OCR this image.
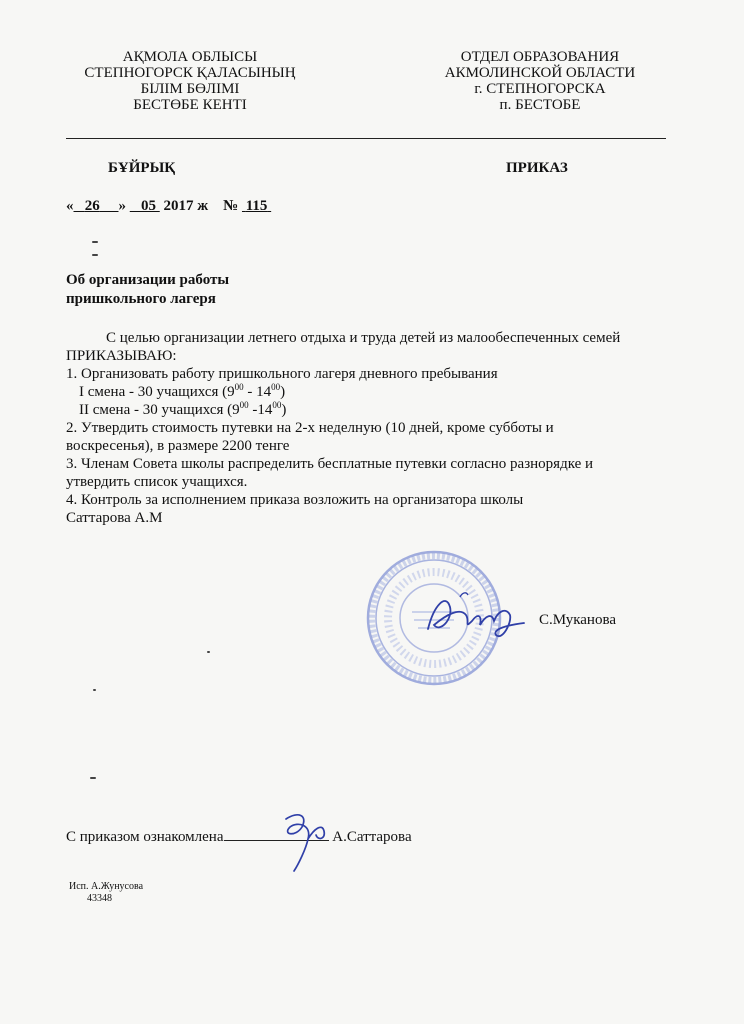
АҚМОЛА ОБЛЫСЫ
СТЕПНОГОРСК ҚАЛАСЫНЫҢ
БІЛІМ БӨЛІМІ
БЕСТӨБЕ КЕНТІ
ОТДЕЛ ОБРАЗОВАНИЯ
АКМОЛИНСКОЙ ОБЛАСТИ
г. СТЕПНОГОРСКА
п. БЕСТОБЕ
БҰЙРЫҚ	ПРИКАЗ
« 26 » 05 2017 ж № 115
Об организации работы
пришкольного лагеря
С целью организации летнего отдыха и труда детей из малообеспеченных семей
ПРИКАЗЫВАЮ:
1. Организовать работу пришкольного лагеря дневного пребывания
I смена - 30 учащихся $(9^{00} - 14^{00})$
II смена - 30 учащихся ($9^{00}$ $-14^{00}$)
2. Утвердить стоимость путевки на 2-х неделную (10 дней, кроме субботы и
воскресенья), в размере 2200 тенге
3. Членам Совета школы распределить бесплатные путевки согласно разнорядке и
утвердить список учащихся.
4. Контроль за исполнением приказа возложить на организатора школы
Саттарова А.М
С.Муканова
С приказом ознакомлена	А.Саттарова
Исп. А.Жунусова
43348
